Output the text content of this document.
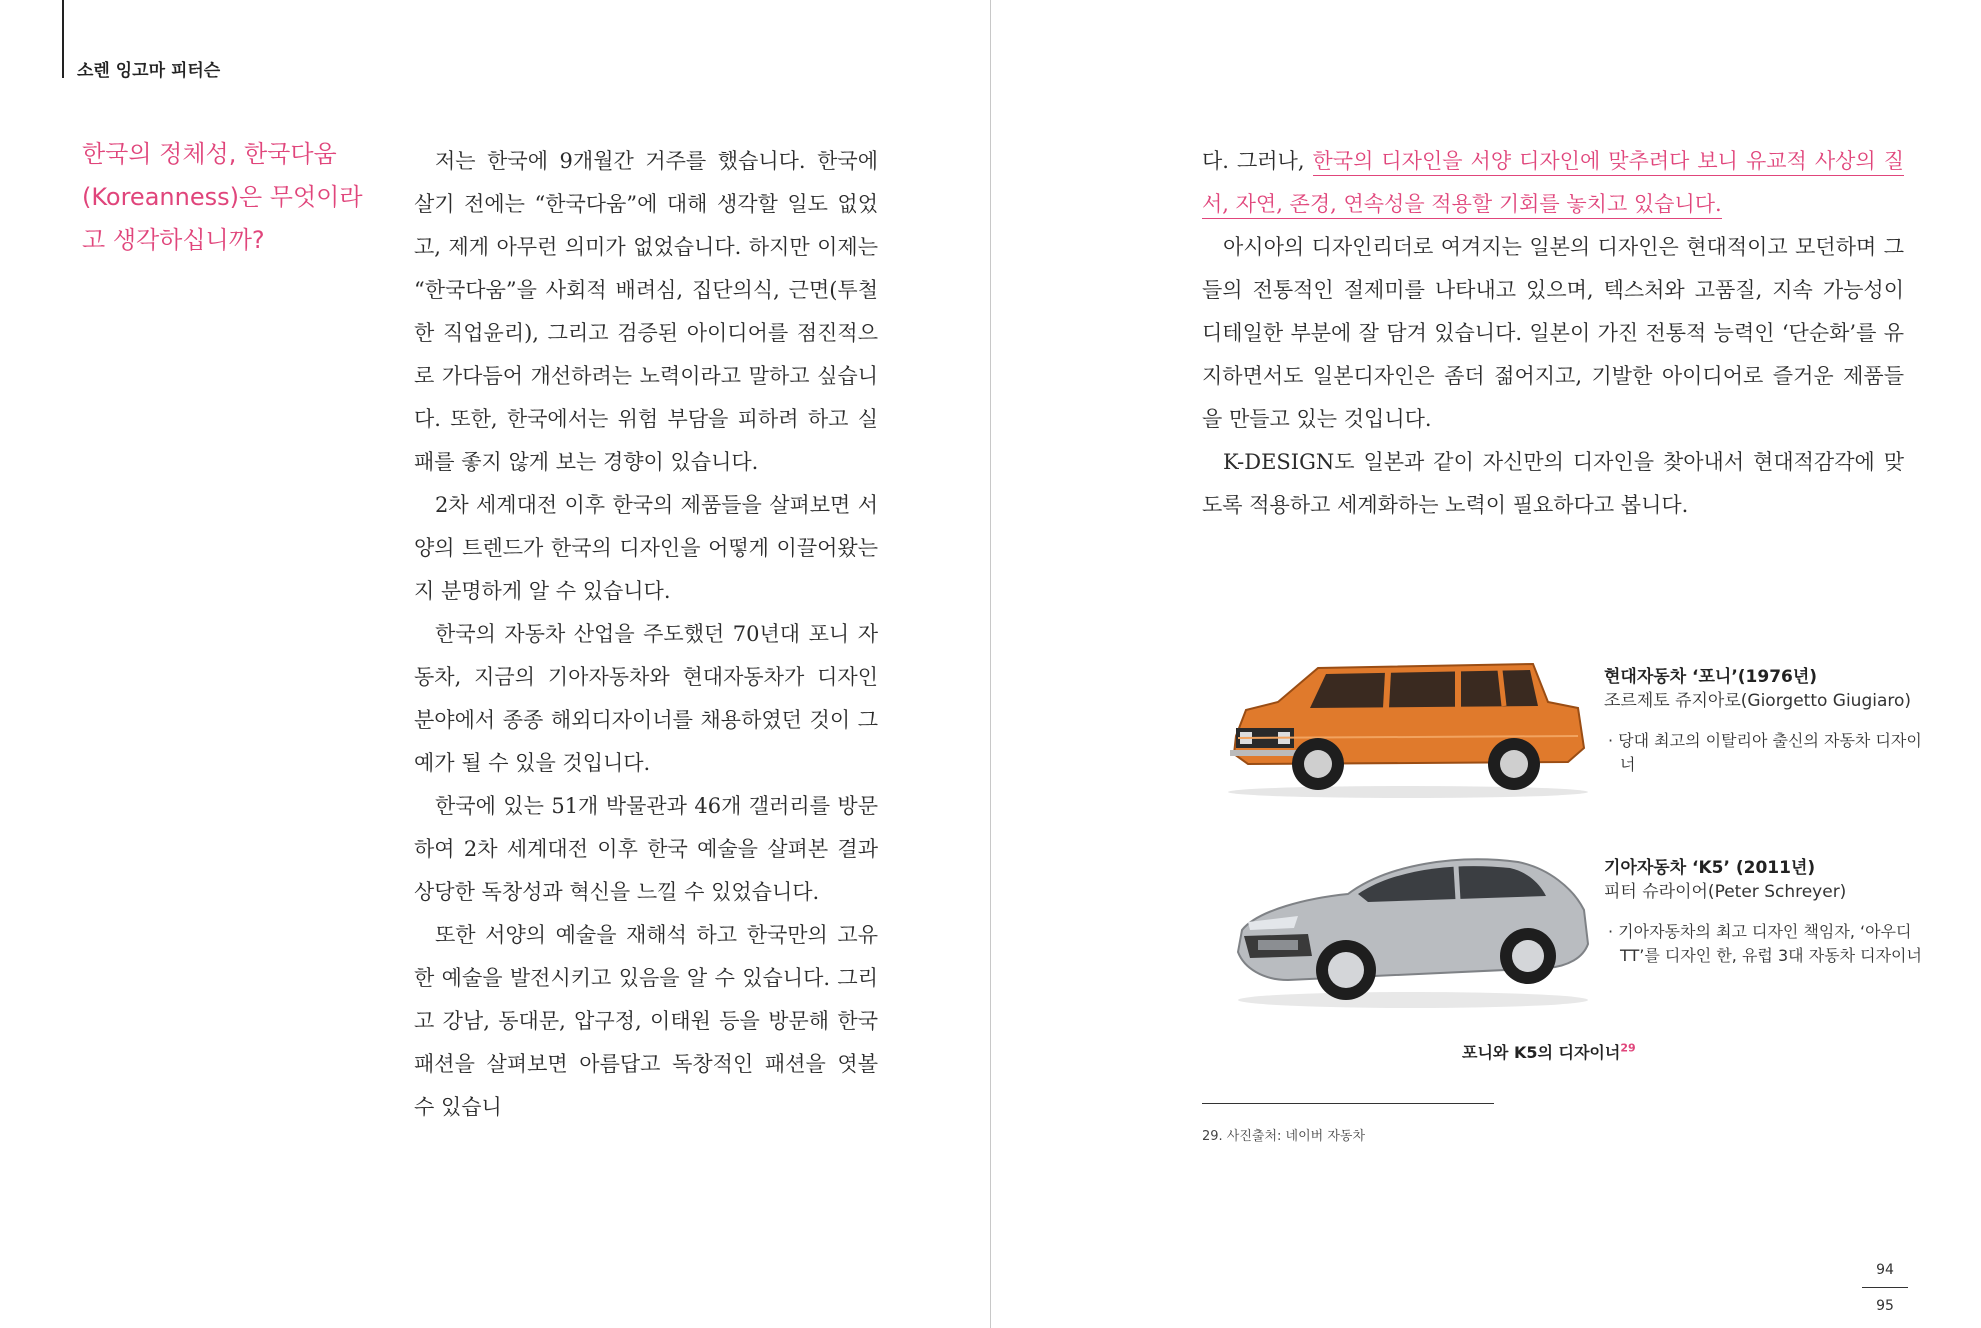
소렌 잉고마 피터슨
한국의 정체성, 한국다움 (Koreanness)은 무엇이라고 생각하십니까?

저는 한국에 9개월간 거주를 했습니다. 한국에 살기 전에는 “한국다움”에 대해 생각할 일도 없었고, 제게 아무런 의미가 없었습니다. 하지만 이제는 “한국다움”을 사회적 배려심, 집단의식, 근면(투철한 직업윤리), 그리고 검증된 아이디어를 점진적으로 가다듬어 개선하려는 노력이라고 말하고 싶습니다. 또한, 한국에서는 위험 부담을 피하려 하고 실패를 좋지 않게 보는 경향이 있습니다.

2차 세계대전 이후 한국의 제품들을 살펴보면 서양의 트렌드가 한국의 디자인을 어떻게 이끌어왔는지 분명하게 알 수 있습니다.

한국의 자동차 산업을 주도했던 70년대 포니 자동차, 지금의 기아자동차와 현대자동차가 디자인 분야에서 종종 해외디자이너를 채용하였던 것이 그 예가 될 수 있을 것입니다.

한국에 있는 51개 박물관과 46개 갤러리를 방문하여 2차 세계대전 이후 한국 예술을 살펴본 결과 상당한 독창성과 혁신을 느낄 수 있었습니다.

또한 서양의 예술을 재해석 하고 한국만의 고유한 예술을 발전시키고 있음을 알 수 있습니다. 그리고 강남, 동대문, 압구정, 이태원 등을 방문해 한국 패션을 살펴보면 아름답고 독창적인 패션을 엿볼 수 있습니

다. 그러나, 한국의 디자인을 서양 디자인에 맞추려다 보니 유교적 사상의 질서, 자연, 존경, 연속성을 적용할 기회를 놓치고 있습니다.

아시아의 디자인리더로 여겨지는 일본의 디자인은 현대적이고 모던하며 그들의 전통적인 절제미를 나타내고 있으며, 텍스처와 고품질, 지속 가능성이 디테일한 부분에 잘 담겨 있습니다. 일본이 가진 전통적 능력인 ‘단순화’를 유지하면서도 일본디자인은 좀더 젊어지고, 기발한 아이디어로 즐거운 제품들을 만들고 있는 것입니다.

K-DESIGN도 일본과 같이 자신만의 디자인을 찾아내서 현대적감각에 맞도록 적용하고 세계화하는 노력이 필요하다고 봅니다.

현대자동차 ‘포니’(1976년)
조르제토 쥬지아로(Giorgetto Giugiaro)
· 당대 최고의 이탈리아 출신의 자동차 디자이너
기아자동차 ‘K5’ (2011년)
피터 슈라이어(Peter Schreyer)
· 기아자동차의 최고 디자인 책임자, ‘아우디 TT’를 디자인 한, 유럽 3대 자동차 디자이너
포니와 K5의 디자이너$^{29}$
29. 사진출처: 네이버 자동차
94
95
